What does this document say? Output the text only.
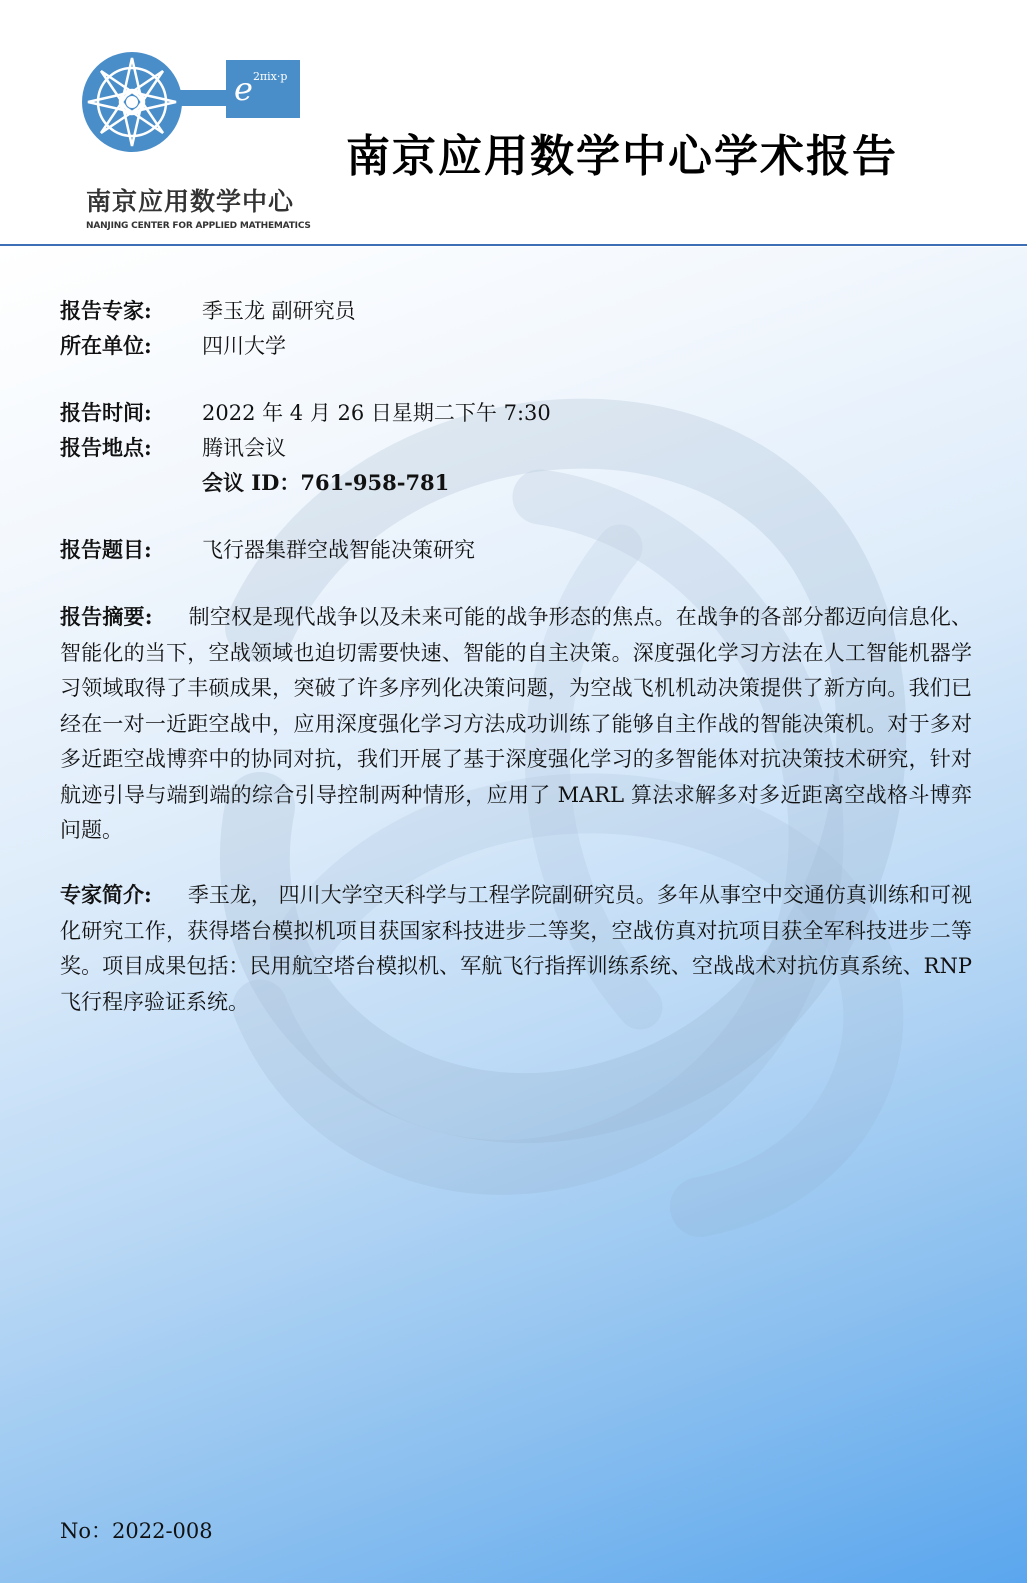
$e^{2\pi ix\cdot p}$
南京应用数学中心
NANJING CENTER FOR APPLIED MATHEMATICS
南京应用数学中心学术报告
报告专家: 季玉龙 副研究员
所在单位: 四川大学
报告时间: 2022 年 4 月 26 日星期二下午 7:30
报告地点: 腾讯会议
会议 ID：761-958-781
报告题目: 飞行器集群空战智能决策研究
报告摘要: 制空权是现代战争以及未来可能的战争形态的焦点。在战争的各部分都迈向信息化、智能化的当下，空战领域也迫切需要快速、智能的自主决策。深度强化学习方法在人工智能机器学习领域取得了丰硕成果，突破了许多序列化决策问题，为空战飞机机动决策提供了新方向。我们已经在一对一近距空战中，应用深度强化学习方法成功训练了能够自主作战的智能决策机。对于多对多近距空战博弈中的协同对抗，我们开展了基于深度强化学习的多智能体对抗决策技术研究，针对航迹引导与端到端的综合引导控制两种情形，应用了 MARL 算法求解多对多近距离空战格斗博弈问题。
专家简介: 季玉龙， 四川大学空天科学与工程学院副研究员。多年从事空中交通仿真训练和可视化研究工作，获得塔台模拟机项目获国家科技进步二等奖，空战仿真对抗项目获全军科技进步二等奖。项目成果包括：民用航空塔台模拟机、军航飞行指挥训练系统、空战战术对抗仿真系统、RNP 飞行程序验证系统。
No：2022-008
